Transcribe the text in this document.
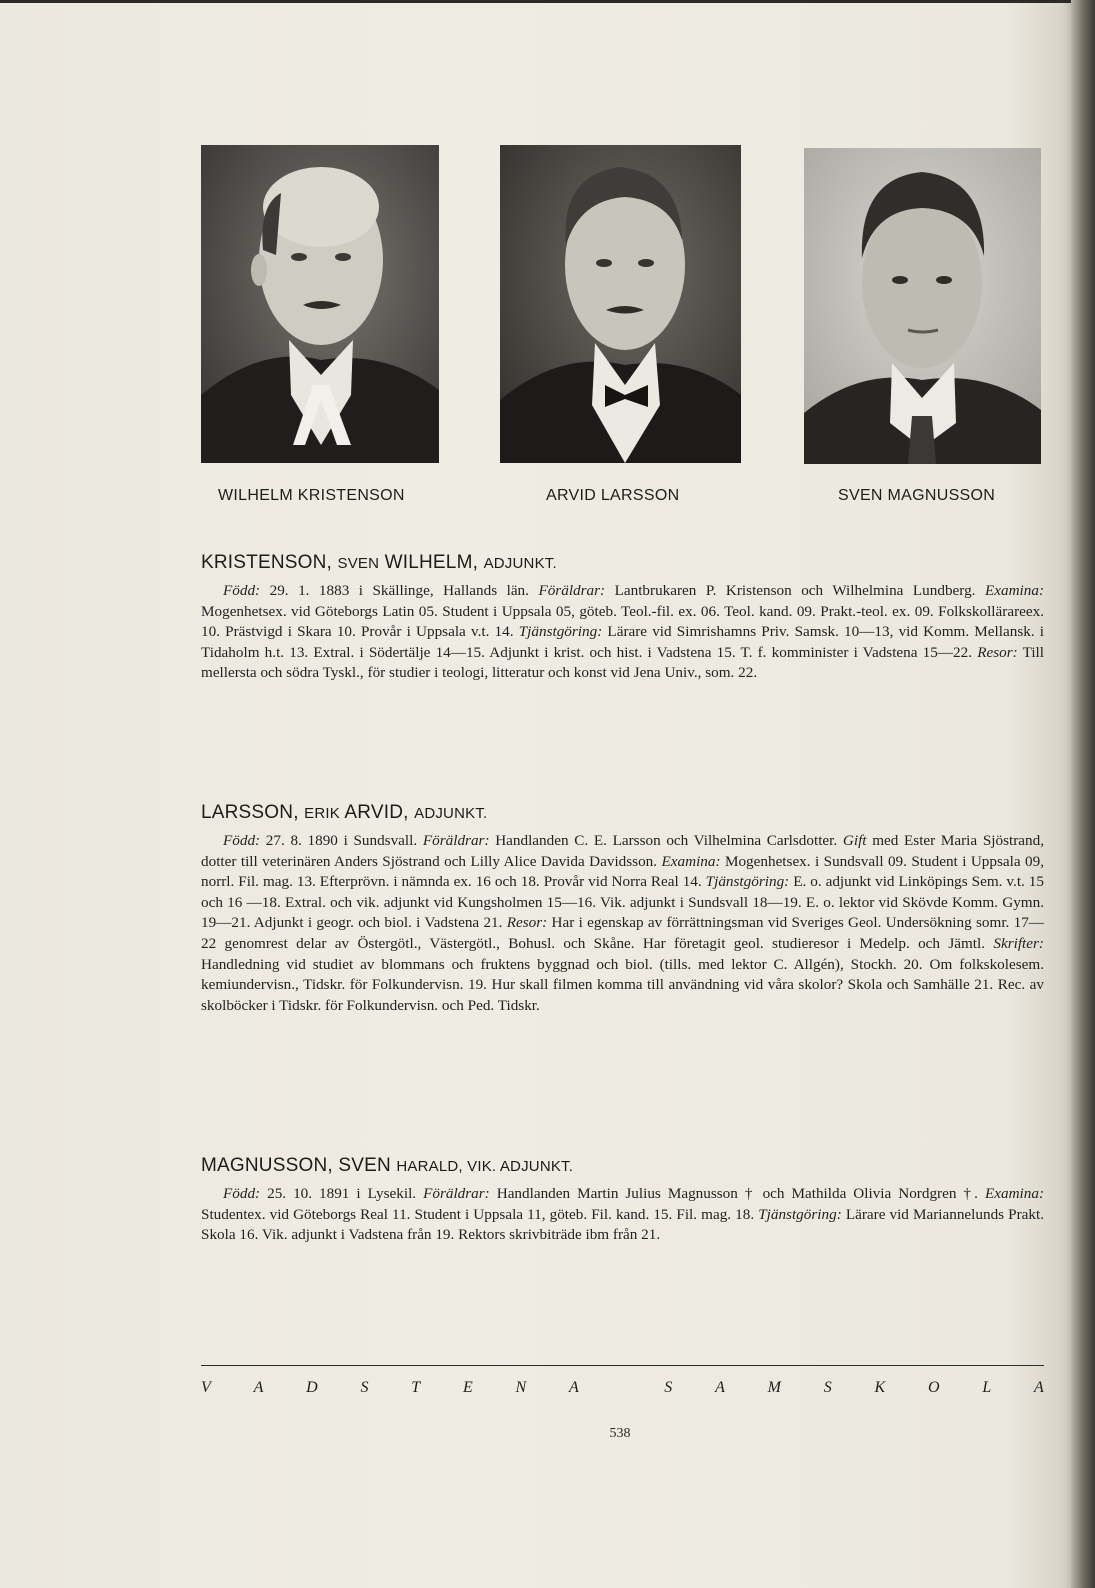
WILHELM KRISTENSON	ARVID LARSSON	SVEN MAGNUSSON
KRISTENSON, SVEN WILHELM, ADJUNKT.

Född: 29. 1. 1883 i Skällinge, Hallands län. Föräldrar: Lantbrukaren P. Kristenson och Wilhelmina Lundberg. Examina: Mogenhetsex. vid Göteborgs Latin 05. Student i Uppsala 05, göteb. Teol.-fil. ex. 06. Teol. kand. 09. Prakt.-teol. ex. 09. Folkskollärareex. 10. Prästvigd i Skara 10. Provår i Uppsala v.t. 14. Tjänstgöring: Lärare vid Simrishamns Priv. Samsk. 10—13, vid Komm. Mellansk. i Tidaholm h.t. 13. Extral. i Södertälje 14—15. Adjunkt i krist. och hist. i Vadstena 15. T. f. komminister i Vadstena 15—22. Resor: Till mellersta och södra Tyskl., för studier i teologi, litteratur och konst vid Jena Univ., som. 22.

LARSSON, ERIK ARVID, ADJUNKT.

Född: 27. 8. 1890 i Sundsvall. Föräldrar: Handlanden C. E. Larsson och Vilhelmina Carlsdotter. Gift med Ester Maria Sjöstrand, dotter till veterinären Anders Sjöstrand och Lilly Alice Davida Davidsson. Examina: Mogenhetsex. i Sundsvall 09. Student i Uppsala 09, norrl. Fil. mag. 13. Efterprövn. i nämnda ex. 16 och 18. Provår vid Norra Real 14. Tjänstgöring: E. o. adjunkt vid Linköpings Sem. v.t. 15 och 16 —18. Extral. och vik. adjunkt vid Kungsholmen 15—16. Vik. adjunkt i Sundsvall 18—19. E. o. lektor vid Skövde Komm. Gymn. 19—21. Adjunkt i geogr. och biol. i Vadstena 21. Resor: Har i egenskap av förrättningsman vid Sveriges Geol. Undersökning somr. 17—22 genomrest delar av Östergötl., Västergötl., Bohusl. och Skåne. Har företagit geol. studieresor i Medelp. och Jämtl. Skrifter: Handledning vid studiet av blommans och fruktens byggnad och biol. (tills. med lektor C. Allgén), Stockh. 20. Om folkskolesem. kemiundervisn., Tidskr. för Folkundervisn. 19. Hur skall filmen komma till användning vid våra skolor? Skola och Samhälle 21. Rec. av skolböcker i Tidskr. för Folkundervisn. och Ped. Tidskr.

MAGNUSSON, SVEN HARALD, VIK. ADJUNKT.

Född: 25. 10. 1891 i Lysekil. Föräldrar: Handlanden Martin Julius Magnusson † och Mathilda Olivia Nordgren †. Examina: Studentex. vid Göteborgs Real 11. Student i Uppsala 11, göteb. Fil. kand. 15. Fil. mag. 18. Tjänstgöring: Lärare vid Mariannelunds Prakt. Skola 16. Vik. adjunkt i Vadstena från 19. Rektors skrivbiträde ibm från 21.

V	A	D	S	T	E	N	A	S	A	M	S	K	O	L	A
538
